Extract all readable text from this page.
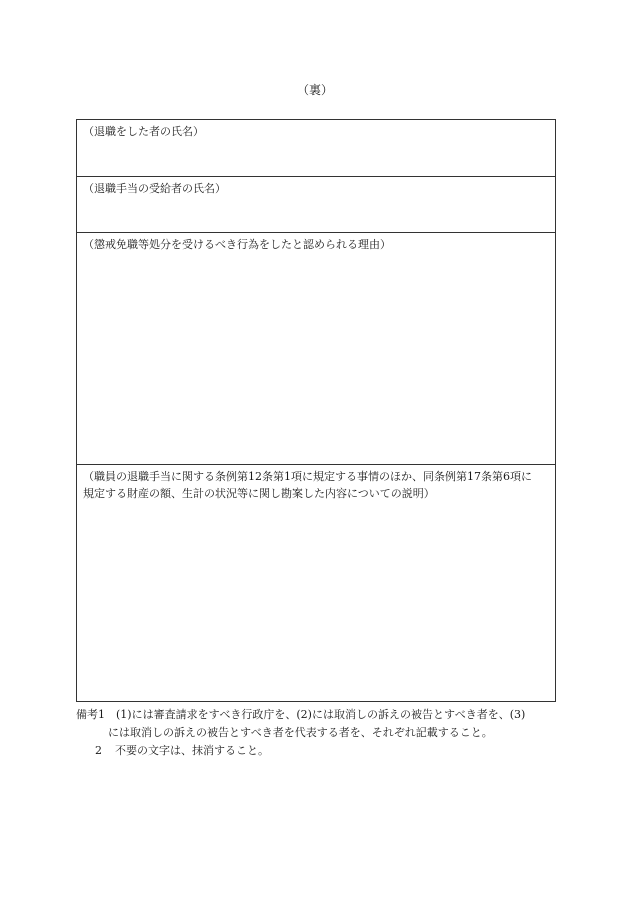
（裏）
（退職をした者の氏名）
（退職手当の受給者の氏名）
（懲戒免職等処分を受けるべき行為をしたと認められる理由）
（職員の退職手当に関する条例第12条第1項に規定する事情のほか、同条例第17条第6項に
規定する財産の額、生計の状況等に関し勘案した内容についての説明）
備考1 (1)には審査請求をすべき行政庁を、(2)には取消しの訴えの被告とすべき者を、(3)
には取消しの訴えの被告とすべき者を代表する者を、それぞれ記載すること。
2 不要の文字は、抹消すること。
